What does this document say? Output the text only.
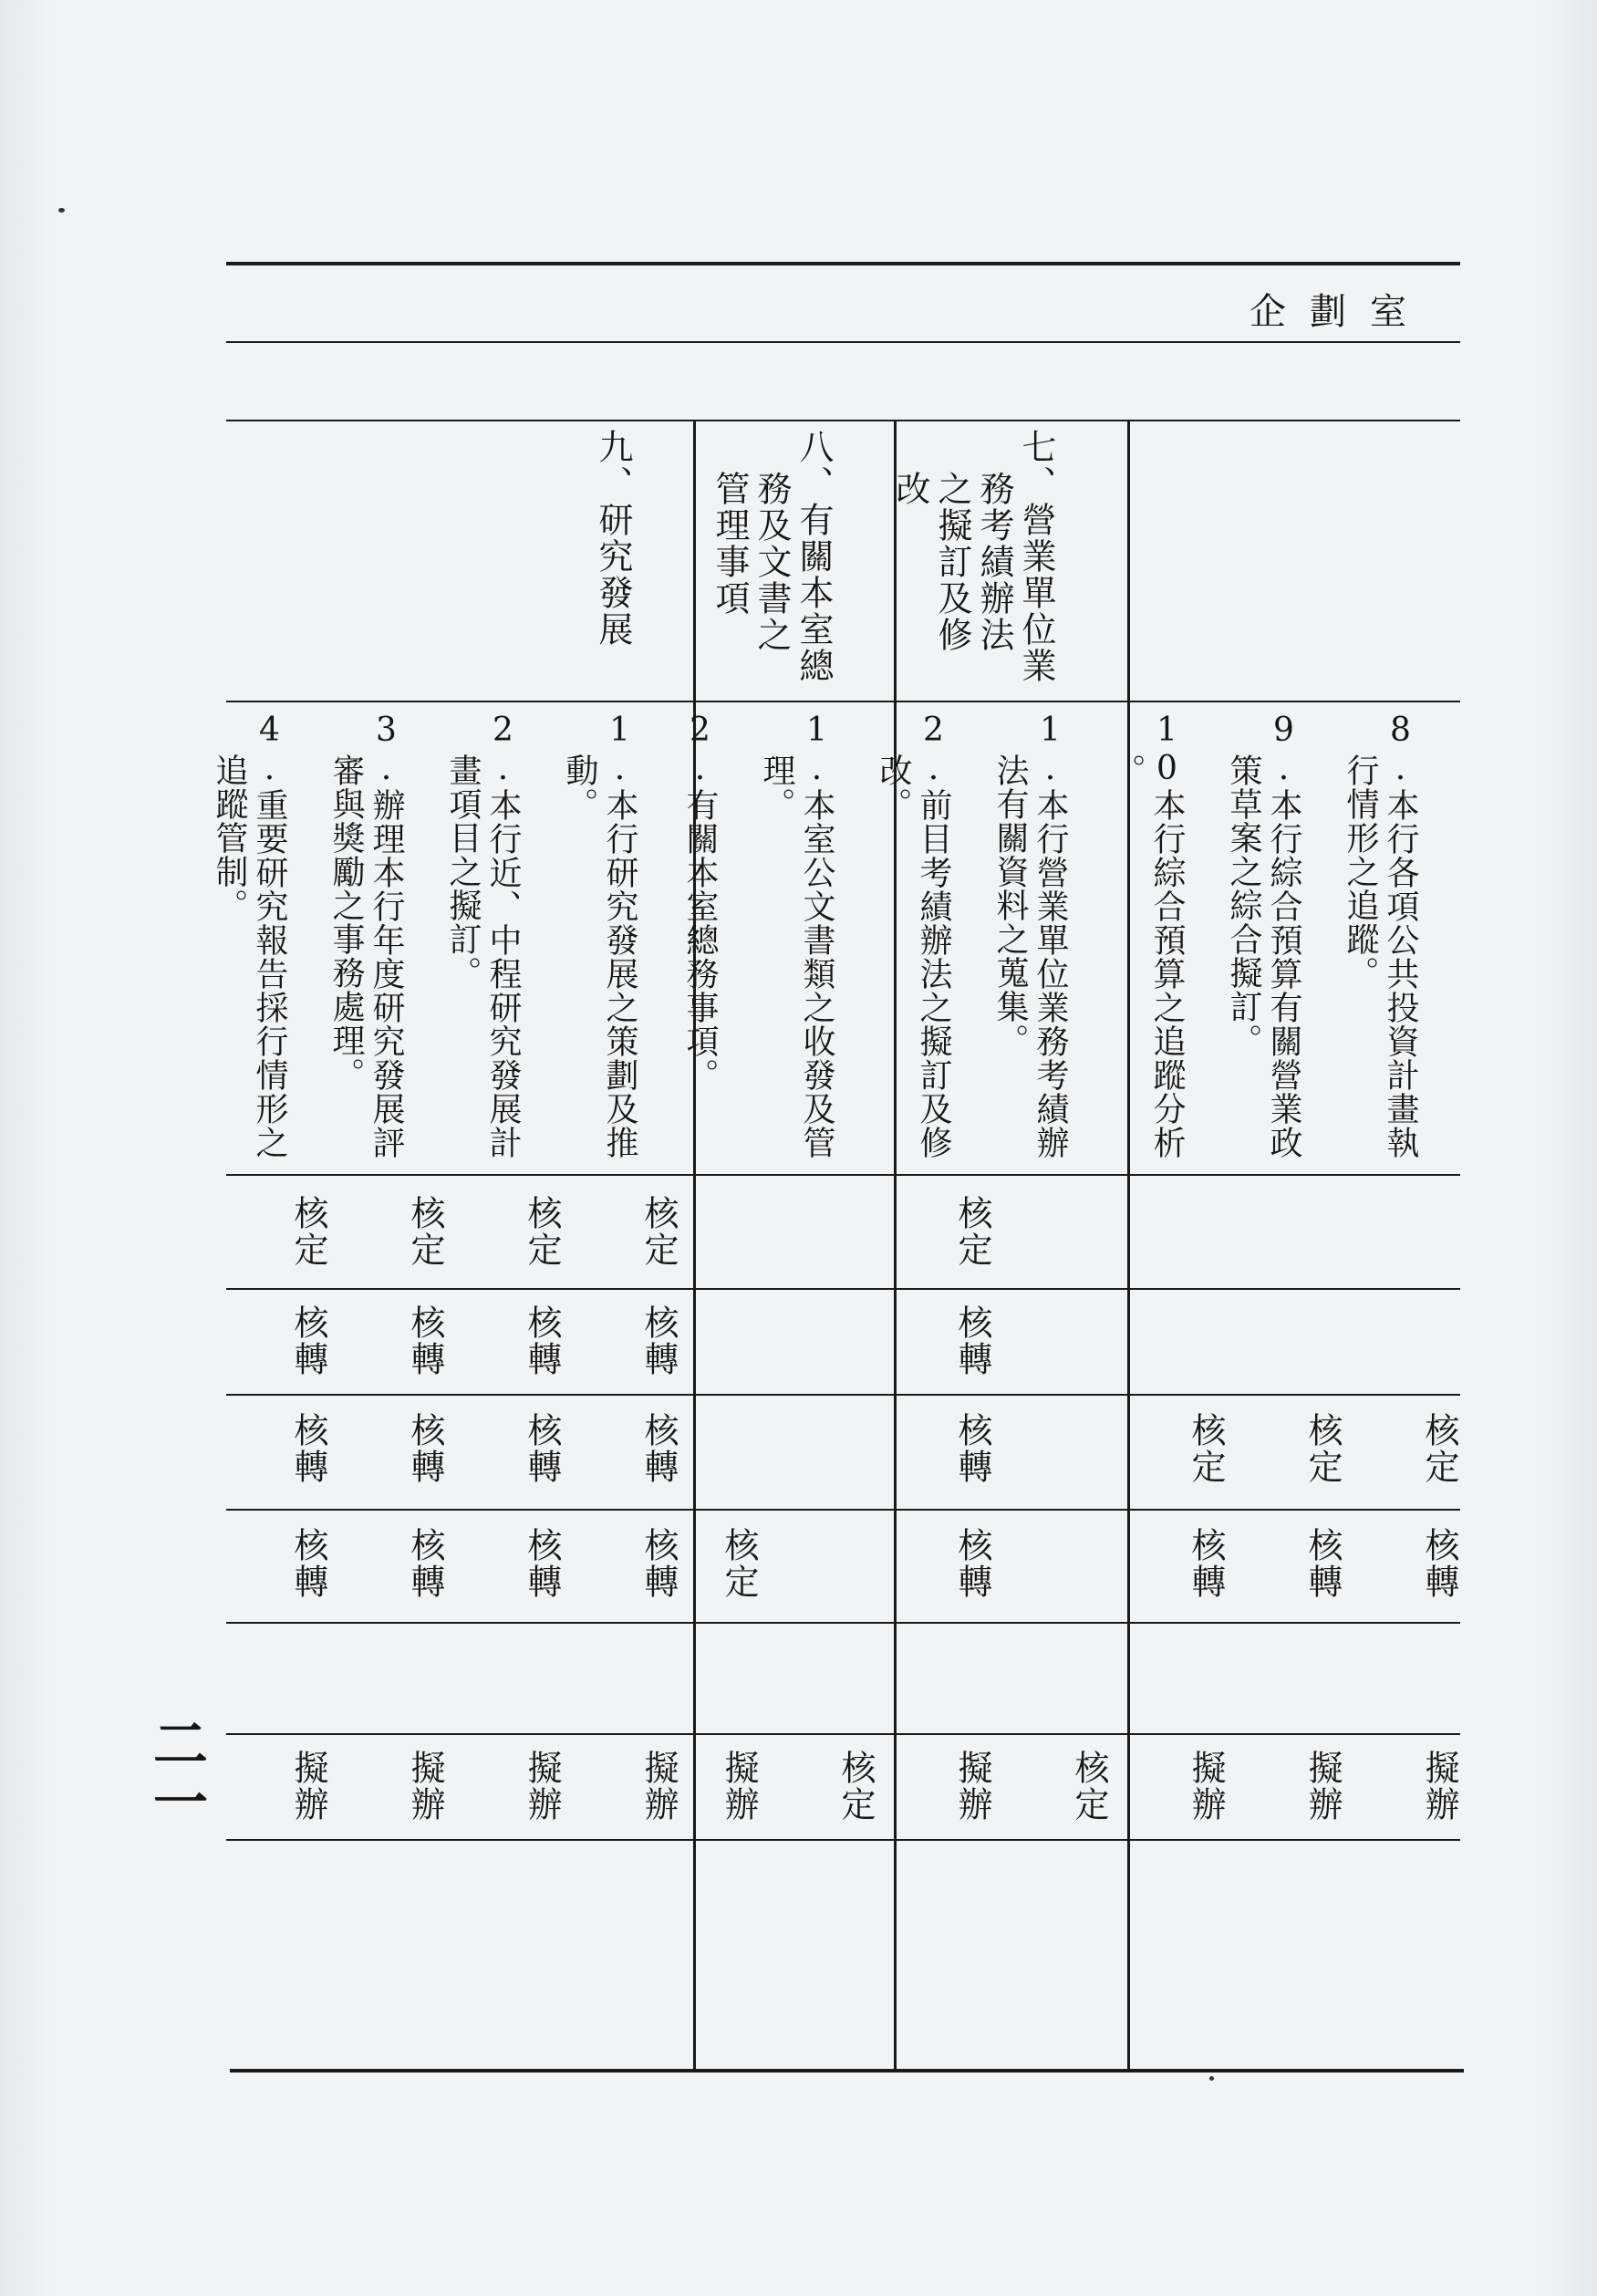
企劃室

七、營業單位業務考績辦法之擬訂及修改

八、有關本室總務及文書之管理事項

九、研究發展

8.本行各項公共投資計畫執行情形之追蹤。

9.本行綜合預算有關營業政策草案之綜合擬訂。

10本行綜合預算之追蹤分析。

1.本行營業單位業務考績辦法有關資料之蒐集。

2.前目考績辦法之擬訂及修改。

1.本室公文書類之收發及管理。

2.有關本室總務事項。

1.本行研究發展之策劃及推動。

2.本行近、中程研究發展計畫項目之擬訂。

3.辦理本行年度研究發展評審與獎勵之事務處理。

4.重要研究報告採行情形之追蹤管制。

核定
核轉
擬辦
核定
核轉
擬辦
核定
核轉
擬辦
核定
核定
核轉
核轉
核轉
擬辦
核定
核定
擬辦
核定
核轉
核轉
核轉
擬辦
核定
核轉
核轉
核轉
擬辦
核定
核轉
核轉
核轉
擬辦
核定
核轉
核轉
核轉
擬辦
二一
